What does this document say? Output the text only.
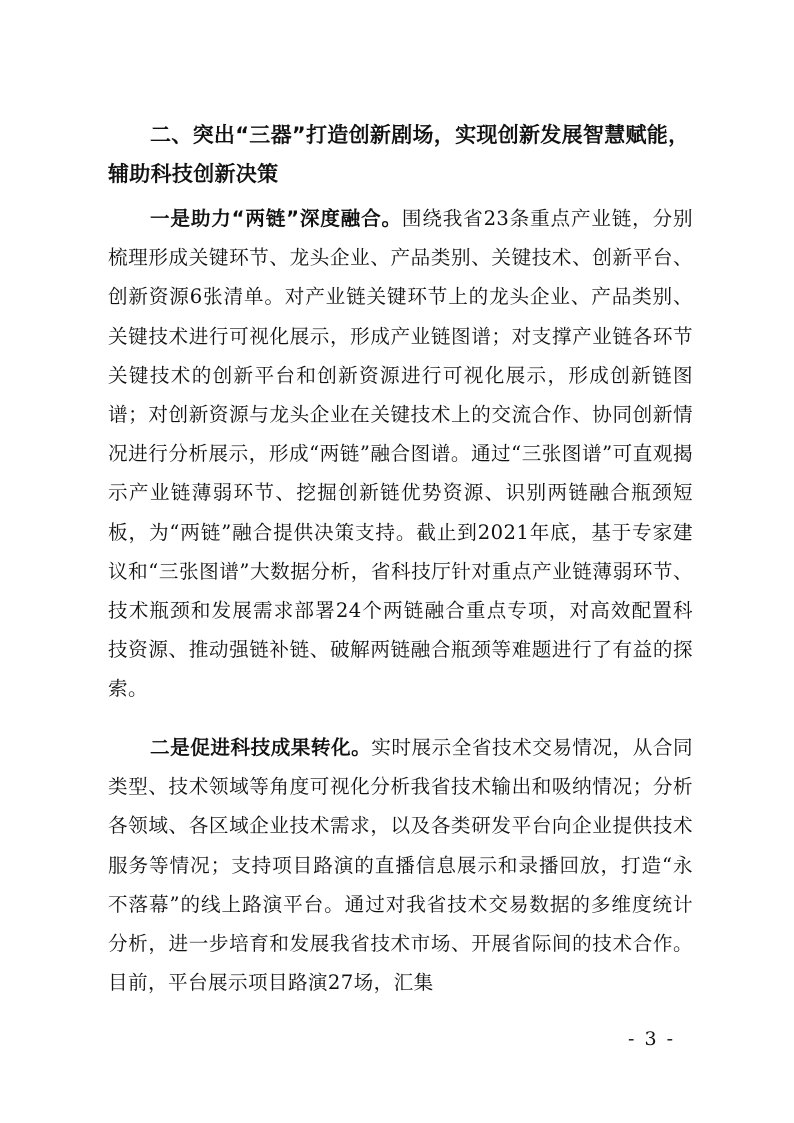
二、突出“三器”打造创新剧场，实现创新发展智慧赋能，
辅助科技创新决策

一是助力“两链”深度融合。围绕我省23条重点产业链，分别梳理形成关键环节、龙头企业、产品类别、关键技术、创新平台、创新资源6张清单。对产业链关键环节上的龙头企业、产品类别、关键技术进行可视化展示，形成产业链图谱；对支撑产业链各环节关键技术的创新平台和创新资源进行可视化展示，形成创新链图谱；对创新资源与龙头企业在关键技术上的交流合作、协同创新情况进行分析展示，形成“两链”融合图谱。通过“三张图谱”可直观揭示产业链薄弱环节、挖掘创新链优势资源、识别两链融合瓶颈短板，为“两链”融合提供决策支持。截止到2021年底，基于专家建议和“三张图谱”大数据分析，省科技厅针对重点产业链薄弱环节、技术瓶颈和发展需求部署24个两链融合重点专项，对高效配置科技资源、推动强链补链、破解两链融合瓶颈等难题进行了有益的探索。

二是促进科技成果转化。实时展示全省技术交易情况，从合同类型、技术领域等角度可视化分析我省技术输出和吸纳情况；分析各领域、各区域企业技术需求，以及各类研发平台向企业提供技术服务等情况；支持项目路演的直播信息展示和录播回放，打造“永不落幕”的线上路演平台。通过对我省技术交易数据的多维度统计分析，进一步培育和发展我省技术市场、开展省际间的技术合作。目前，平台展示项目路演27场，汇集

- 3 -
